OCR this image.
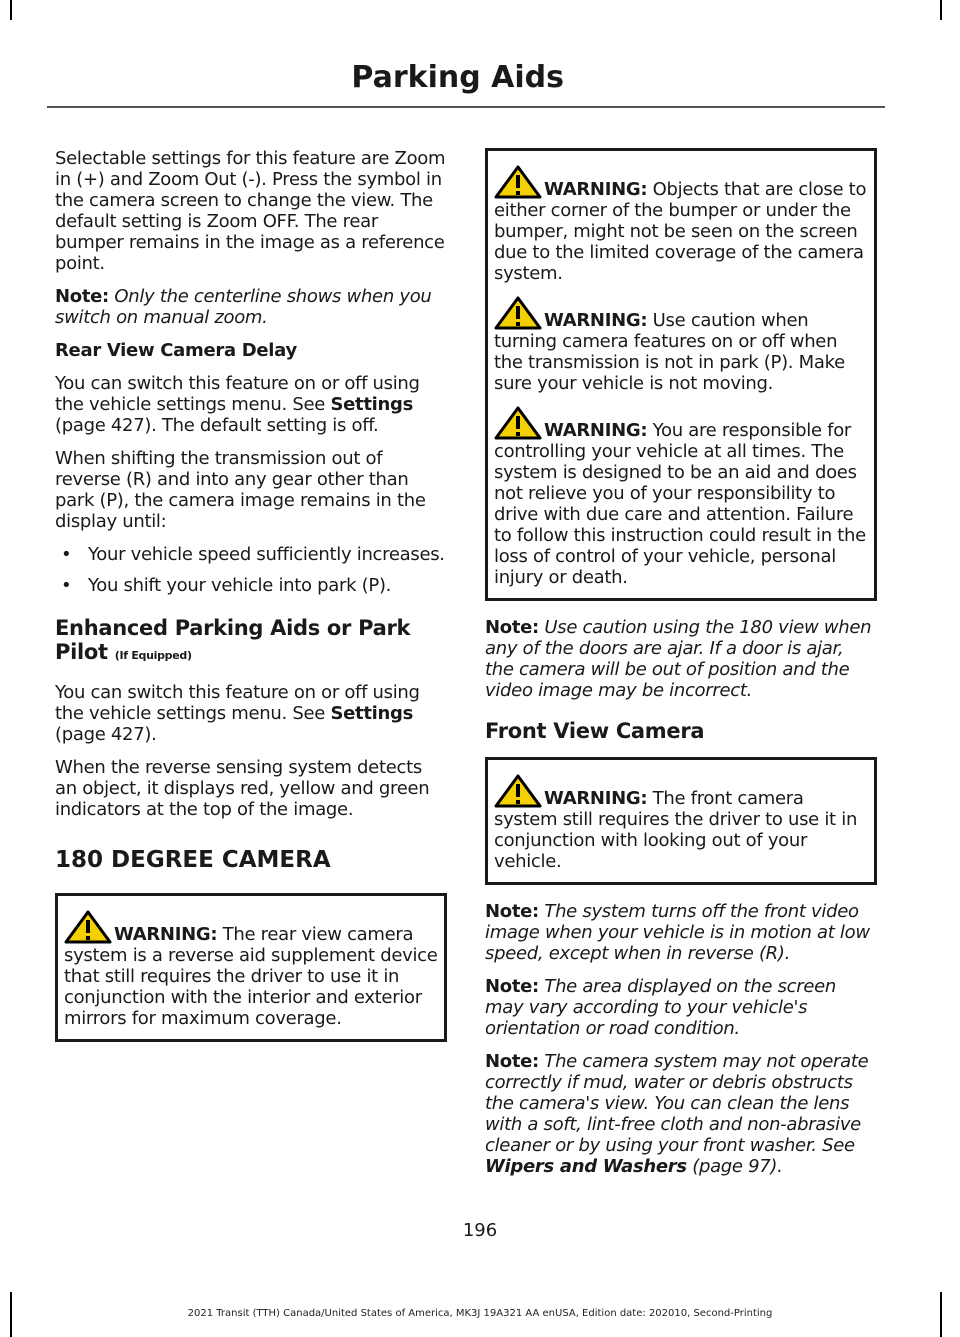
Parking Aids

Selectable settings for this feature are Zoom in (+) and Zoom Out (-). Press the symbol in the camera screen to change the view. The default setting is Zoom OFF. The rear bumper remains in the image as a reference point.

Note: Only the centerline shows when you switch on manual zoom.

Rear View Camera Delay

You can switch this feature on or off using the vehicle settings menu. See Settings (page 427). The default setting is off.

When shifting the transmission out of reverse (R) and into any gear other than park (P), the camera image remains in the display until:

• Your vehicle speed sufficiently increases.
• You shift your vehicle into park (P).
Enhanced Parking Aids or Park Pilot (If Equipped)

You can switch this feature on or off using the vehicle settings menu. See Settings (page 427).

When the reverse sensing system detects an object, it displays red, yellow and green indicators at the top of the image.

180 DEGREE CAMERA
WARNING: The rear view camera system is a reverse aid supplement device that still requires the driver to use it in conjunction with the interior and exterior mirrors for maximum coverage.
WARNING: Objects that are close to either corner of the bumper or under the bumper, might not be seen on the screen due to the limited coverage of the camera system.
WARNING: Use caution when turning camera features on or off when the transmission is not in park (P). Make sure your vehicle is not moving.
WARNING: You are responsible for controlling your vehicle at all times. The system is designed to be an aid and does not relieve you of your responsibility to drive with due care and attention. Failure to follow this instruction could result in the loss of control of your vehicle, personal injury or death.

Note: Use caution using the 180 view when any of the doors are ajar. If a door is ajar, the camera will be out of position and the video image may be incorrect.

Front View Camera
WARNING: The front camera system still requires the driver to use it in conjunction with looking out of your vehicle.

Note: The system turns off the front video image when your vehicle is in motion at low speed, except when in reverse (R).

Note: The area displayed on the screen may vary according to your vehicle's orientation or road condition.

Note: The camera system may not operate correctly if mud, water or debris obstructs the camera's view. You can clean the lens with a soft, lint-free cloth and non-abrasive cleaner or by using your front washer. See Wipers and Washers (page 97).

196
2021 Transit (TTH) Canada/United States of America, MK3J 19A321 AA enUSA, Edition date: 202010, Second-Printing
